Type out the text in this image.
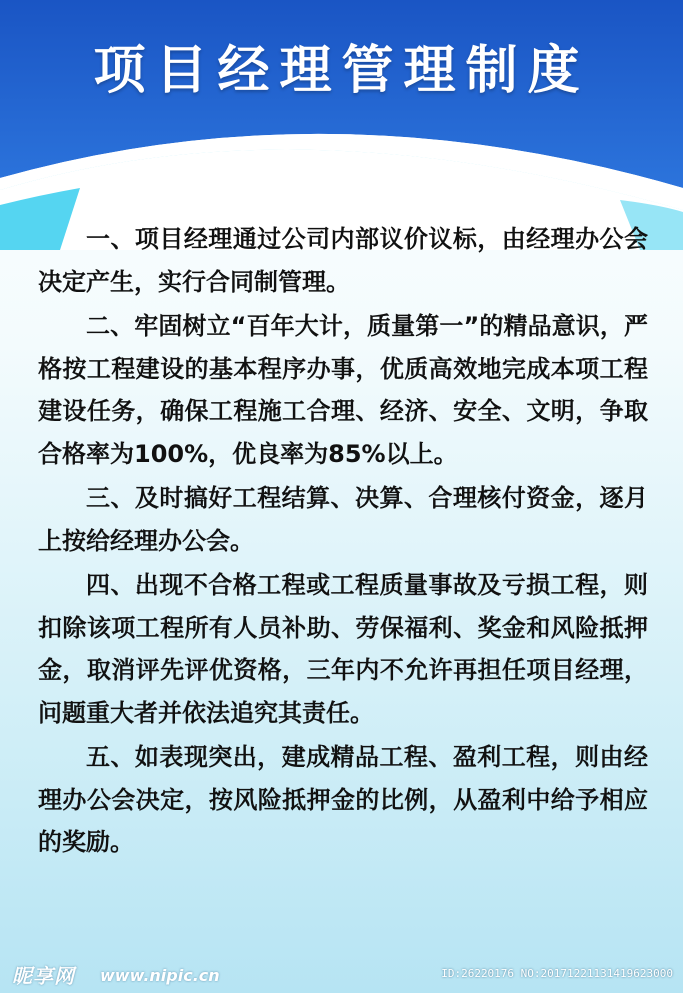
项目经理管理制度

一、项目经理通过公司内部议价议标，由经理办公会决定产生，实行合同制管理。

二、牢固树立“百年大计，质量第一”的精品意识，严格按工程建设的基本程序办事，优质高效地完成本项工程建设任务，确保工程施工合理、经济、安全、文明，争取合格率为100%，优良率为85%以上。

三、及时搞好工程结算、决算、合理核付资金，逐月上按给经理办公会。

四、出现不合格工程或工程质量事故及亏损工程，则扣除该项工程所有人员补助、劳保福利、奖金和风险抵押金，取消评先评优资格，三年内不允许再担任项目经理，问题重大者并依法追究其责任。

五、如表现突出，建成精品工程、盈利工程，则由经理办公会决定，按风险抵押金的比例，从盈利中给予相应的奖励。

昵享网 www.nipic.cn	ID:26220176 NO:20171221131419623000
